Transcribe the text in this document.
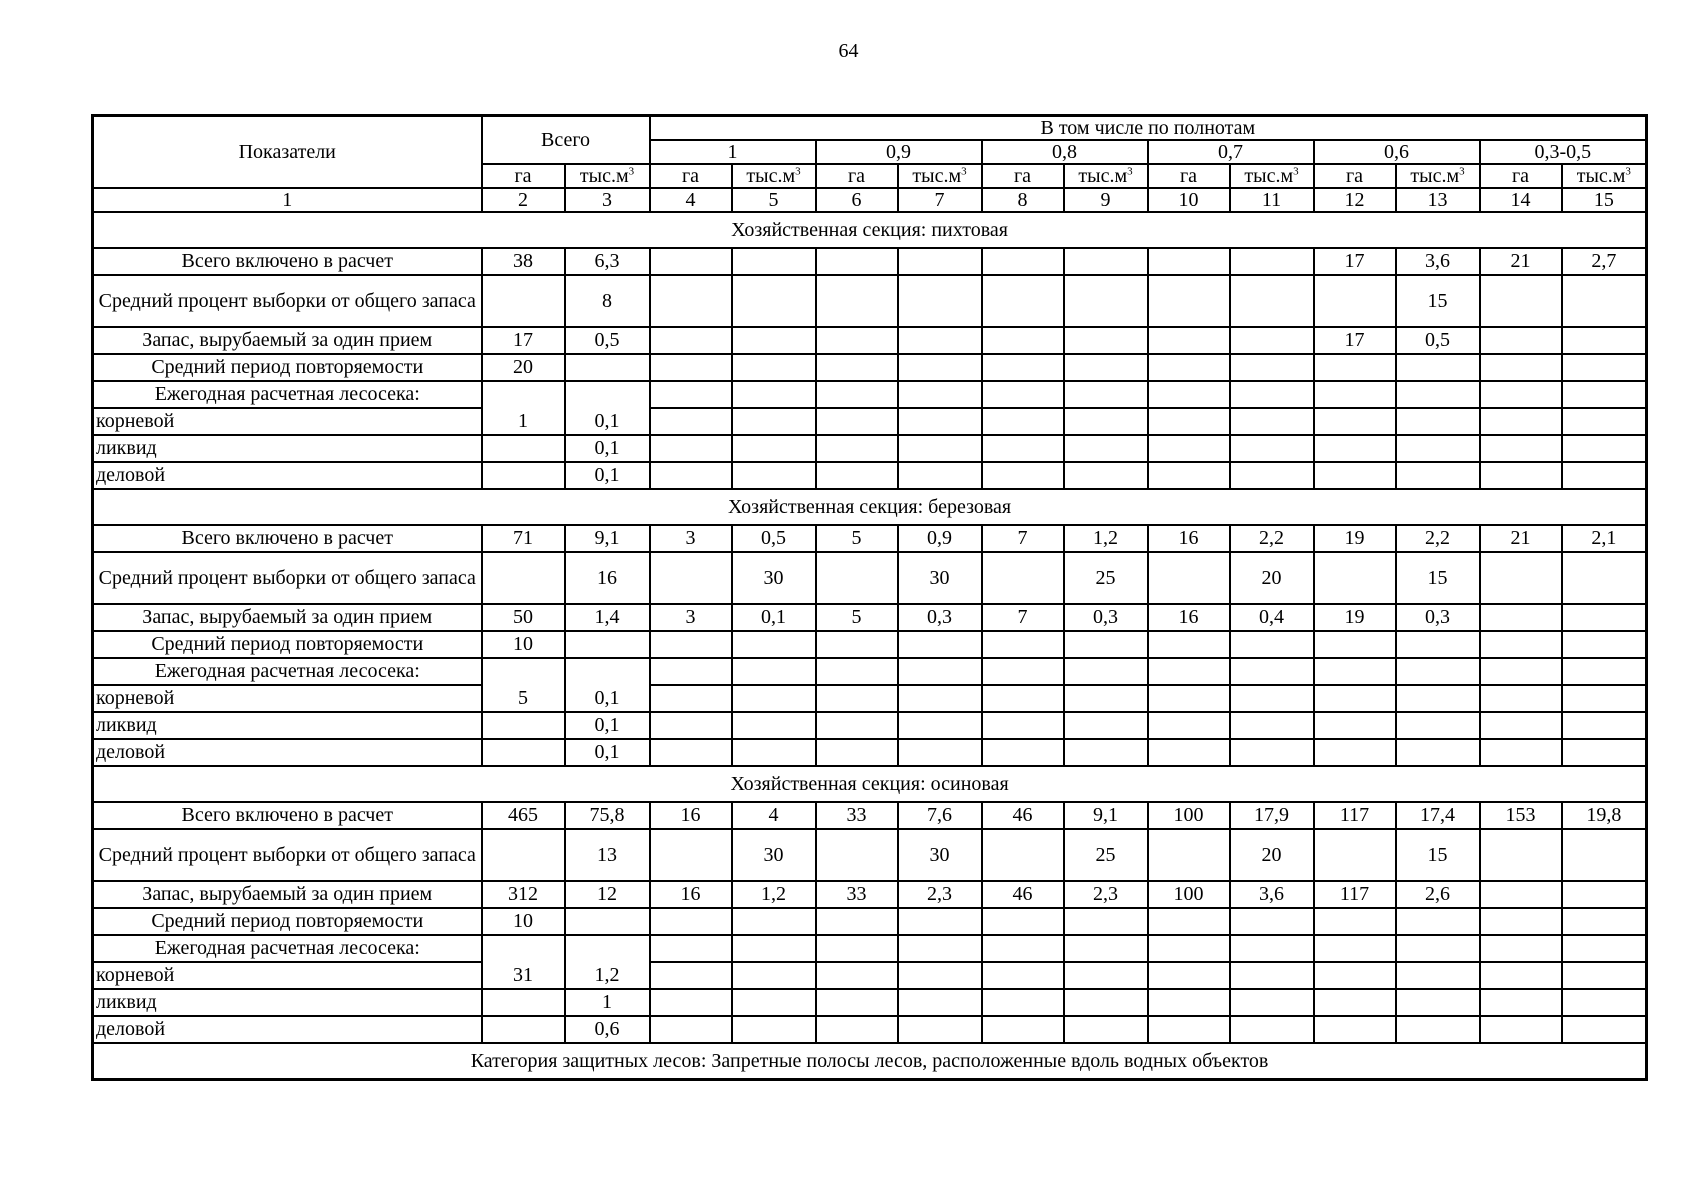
64
Показатели	Всего		В том числе по полнотам											
			1		0,9		0,8		0,7		0,6		0,3-0,5	
	га	$тыс.м^3$	га	$тыс.м^3$	га	$тыс.м^3$	га	$тыс.м^3$	га	$тыс.м^3$	га	$тыс.м^3$	га	$тыс.м^3$
1	2	3	4	5	6	7	8	9	10	11	12	13	14	15
Хозяйственная секция: пихтовая														
Всего включено в расчет	38	6,3									17	3,6	21	2,7
Средний процент выборки от общего запаса		8										15		
Запас, вырубаемый за один прием	17	0,5									17	0,5		
Средний период повторяемости	20													
Ежегодная расчетная лесосека:														
корневой	1	0,1												
ликвид		0,1												
деловой		0,1												
Хозяйственная секция: березовая														
Всего включено в расчет	71	9,1	3	0,5	5	0,9	7	1,2	16	2,2	19	2,2	21	2,1
Средний процент выборки от общего запаса		16		30		30		25		20		15		
Запас, вырубаемый за один прием	50	1,4	3	0,1	5	0,3	7	0,3	16	0,4	19	0,3		
Средний период повторяемости	10													
Ежегодная расчетная лесосека:														
корневой	5	0,1												
ликвид		0,1												
деловой		0,1												
Хозяйственная секция: осиновая														
Всего включено в расчет	465	75,8	16	4	33	7,6	46	9,1	100	17,9	117	17,4	153	19,8
Средний процент выборки от общего запаса		13		30		30		25		20		15		
Запас, вырубаемый за один прием	312	12	16	1,2	33	2,3	46	2,3	100	3,6	117	2,6		
Средний период повторяемости	10													
Ежегодная расчетная лесосека:														
корневой	31	1,2												
ликвид		1												
деловой		0,6												
Категория защитных лесов: Запретные полосы лесов, расположенные вдоль водных объектов														
